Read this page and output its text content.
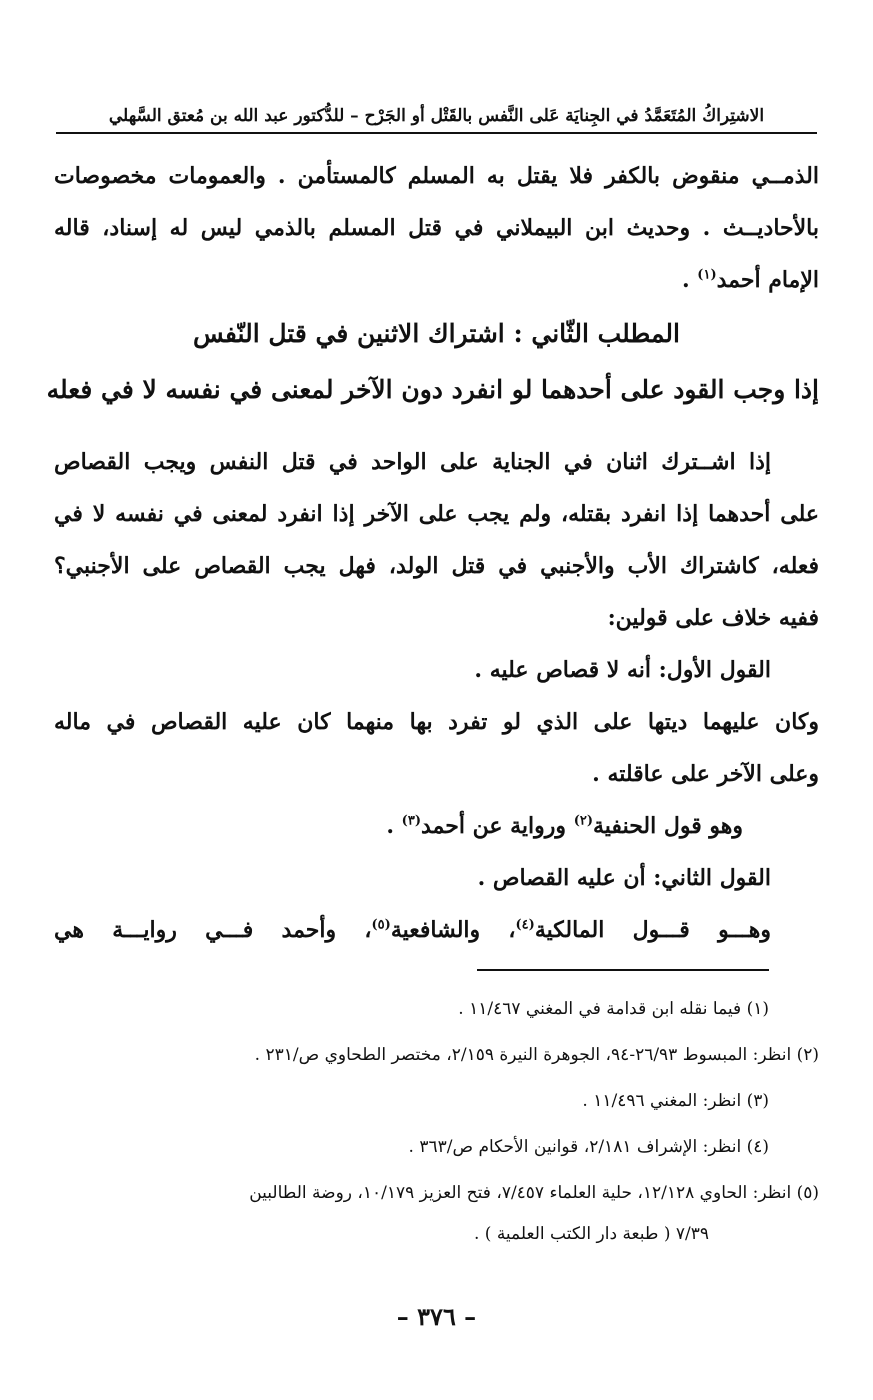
الاشتِراكُ المُتَعَمَّدُ في الجِنايَة عَلى النَّفس بالقَتْل أو الجَرْح – للدُّكتور عبد الله بن مُعتق السَّهلي
الذمــي منقوض بالكفر فلا يقتل به المسلم كالمستأمن . والعمومات مخصوصات
بالأحاديــث . وحديث ابن البيملاني في قتل المسلم بالذمي ليس له إسناد، قاله
الإمام أحمد$^{(١)}$ .
المطلب الثّاني : اشتراك الاثنين في قتل النّفس
إذا وجب القود على أحدهما لو انفرد دون الآخر لمعنى في نفسه لا في فعله
إذا اشــترك اثنان في الجناية على الواحد في قتل النفس ويجب القصاص
على أحدهما إذا انفرد بقتله، ولم يجب على الآخر إذا انفرد لمعنى في نفسه لا في
فعله، كاشتراك الأب والأجنبي في قتل الولد، فهل يجب القصاص على الأجنبي؟
ففيه خلاف على قولين:
القول الأول: أنه لا قصاص عليه .
وكان عليهما ديتها على الذي لو تفرد بها منهما كان عليه القصاص في ماله
وعلى الآخر على عاقلته .
وهو قول الحنفية$^{(٢)}$ ورواية عن أحمد$^{(٣)}$ .
القول الثاني: أن عليه القصاص .
وهـــو قـــول المالكية$^{(٤)}$، والشافعية$^{(٥)}$، وأحمد فـــي روايـــة هي
(١) فيما نقله ابن قدامة في المغني ١١/٤٦٧ .
(٢) انظر: المبسوط ٢٦/٩٣-٩٤، الجوهرة النيرة ٢/١٥٩، مختصر الطحاوي ص/٢٣١ .
(٣) انظر: المغني ١١/٤٩٦ .
(٤) انظر: الإشراف ٢/١٨١، قوانين الأحكام ص/٣٦٣ .
(٥) انظر: الحاوي ١٢/١٢٨، حلية العلماء ٧/٤٥٧، فتح العزيز ١٠/١٧٩، روضة الطالبين
٧/٣٩ ( طبعة دار الكتب العلمية ) .
– ٣٧٦ –
